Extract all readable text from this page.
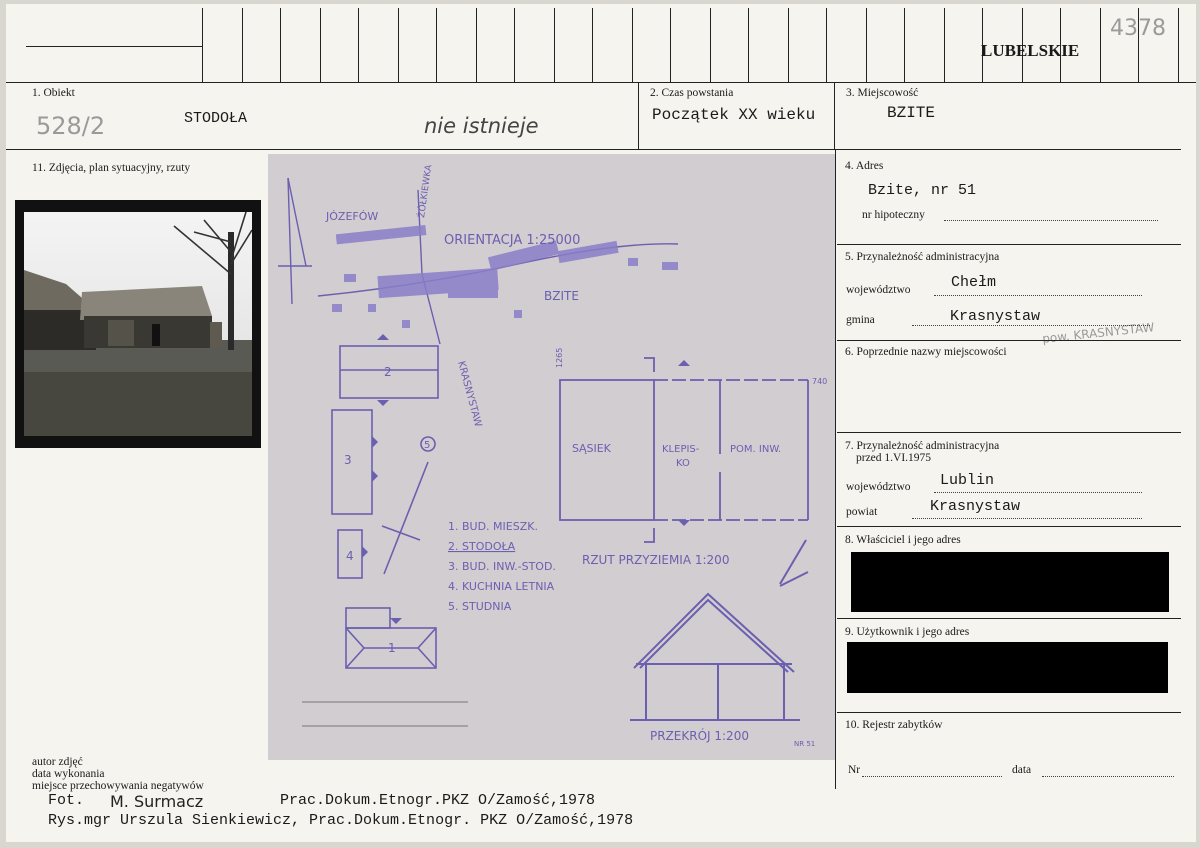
LUBELSKIE
4378
1. Obiekt
528/2	STODOŁA	nie istnieje
2. Czas powstania
Początek XX wieku
3. Miejscowość
BZITE
11. Zdjęcia, plan sytuacyjny, rzuty
JÓZEFÓW	ŻÓŁKIEWKA
ORIENTACJA 1:25000
BZITE
KRASNYSTAW
2
3
4
1
5
1. BUD. MIESZK.
2. STODOŁA
3. BUD. INW.-STOD.
4. KUCHNIA LETNIA
5. STUDNIA
SĄSIEK	KLEPIS-
KO
POM. INW.
RZUT PRZYZIEMIA 1:200
PRZEKRÓJ 1:200
1265
740
NR 51
4. Adres
Bzite, nr 51
nr hipoteczny
5. Przynależność administracyjna
województwo	Chełm
gmina	Krasnystaw
pow. KRASNYSTAW
6. Poprzednie nazwy miejscowości
7. Przynależność administracyjna
przed 1.VI.1975
województwo Lublin
powiat	Krasnystaw
8. Właściciel i jego adres
9. Użytkownik i jego adres
10. Rejestr zabytków
Nr	data
autor zdjęć
data wykonania
miejsce przechowywania negatywów
Fot. M. Surmacz	Prac.Dokum.Etnogr.PKZ O/Zamość,1978
Rys.mgr Urszula Sienkiewicz, Prac.Dokum.Etnogr. PKZ O/Zamość,1978
